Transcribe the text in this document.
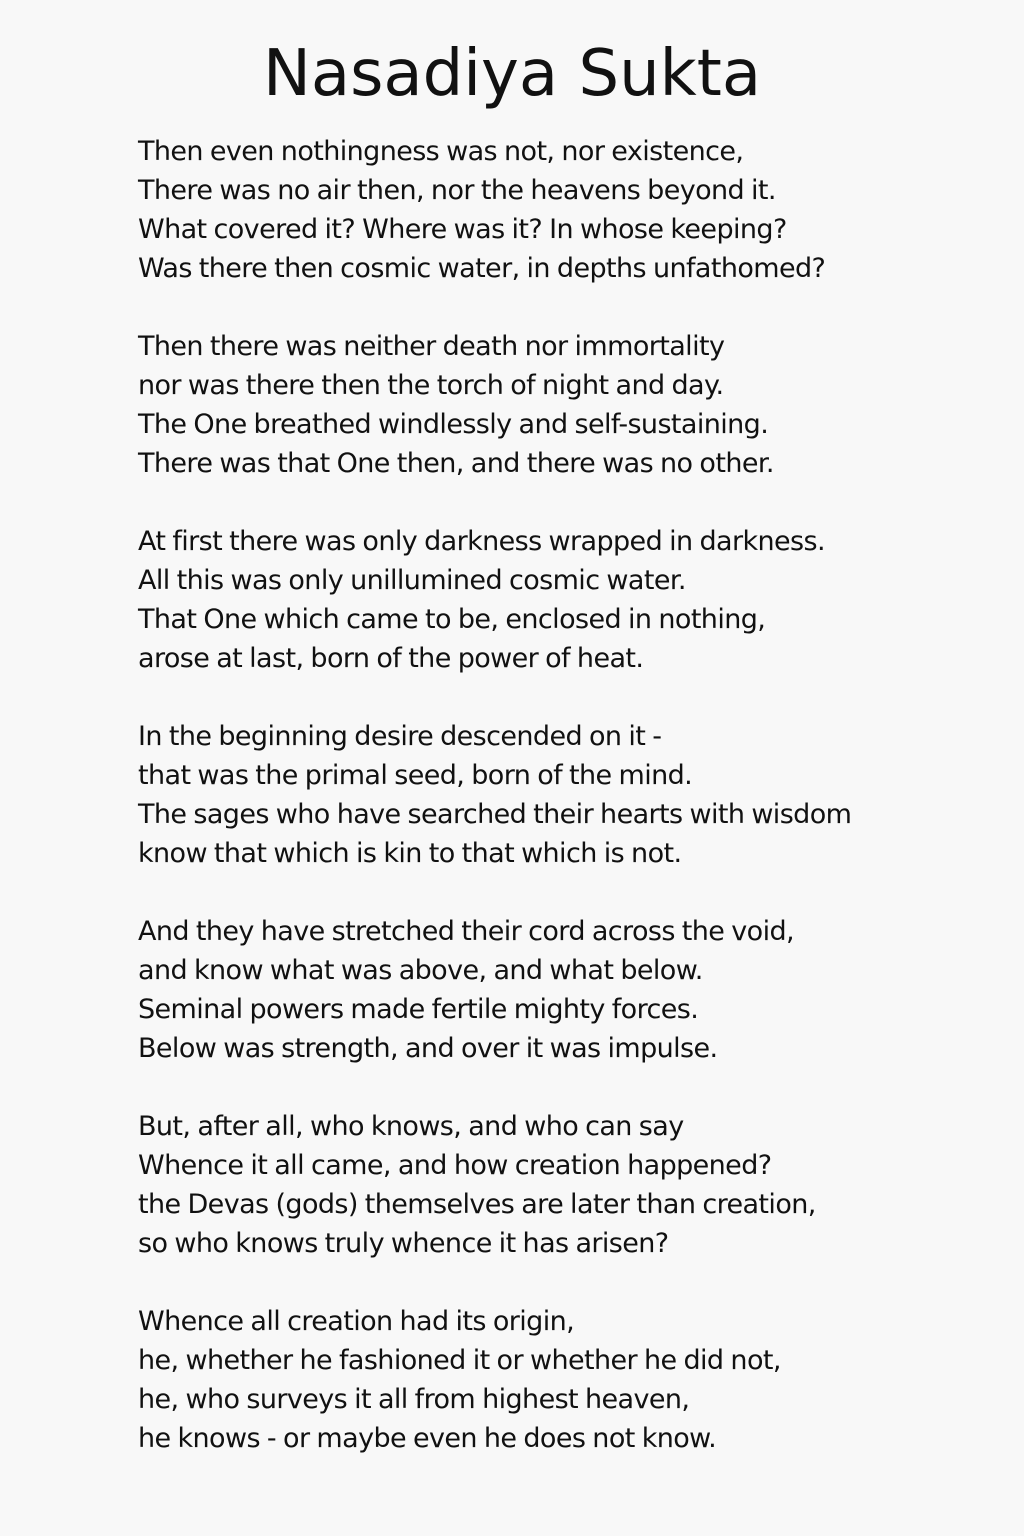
Nasadiya Sukta
Then even nothingness was not, nor existence,
There was no air then, nor the heavens beyond it.
What covered it? Where was it? In whose keeping?
Was there then cosmic water, in depths unfathomed?
Then there was neither death nor immortality
nor was there then the torch of night and day.
The One breathed windlessly and self-sustaining.
There was that One then, and there was no other.
At first there was only darkness wrapped in darkness.
All this was only unillumined cosmic water.
That One which came to be, enclosed in nothing,
arose at last, born of the power of heat.
In the beginning desire descended on it -
that was the primal seed, born of the mind.
The sages who have searched their hearts with wisdom
know that which is kin to that which is not.
And they have stretched their cord across the void,
and know what was above, and what below.
Seminal powers made fertile mighty forces.
Below was strength, and over it was impulse.
But, after all, who knows, and who can say
Whence it all came, and how creation happened?
the Devas (gods) themselves are later than creation,
so who knows truly whence it has arisen?
Whence all creation had its origin,
he, whether he fashioned it or whether he did not,
he, who surveys it all from highest heaven,
he knows - or maybe even he does not know.
